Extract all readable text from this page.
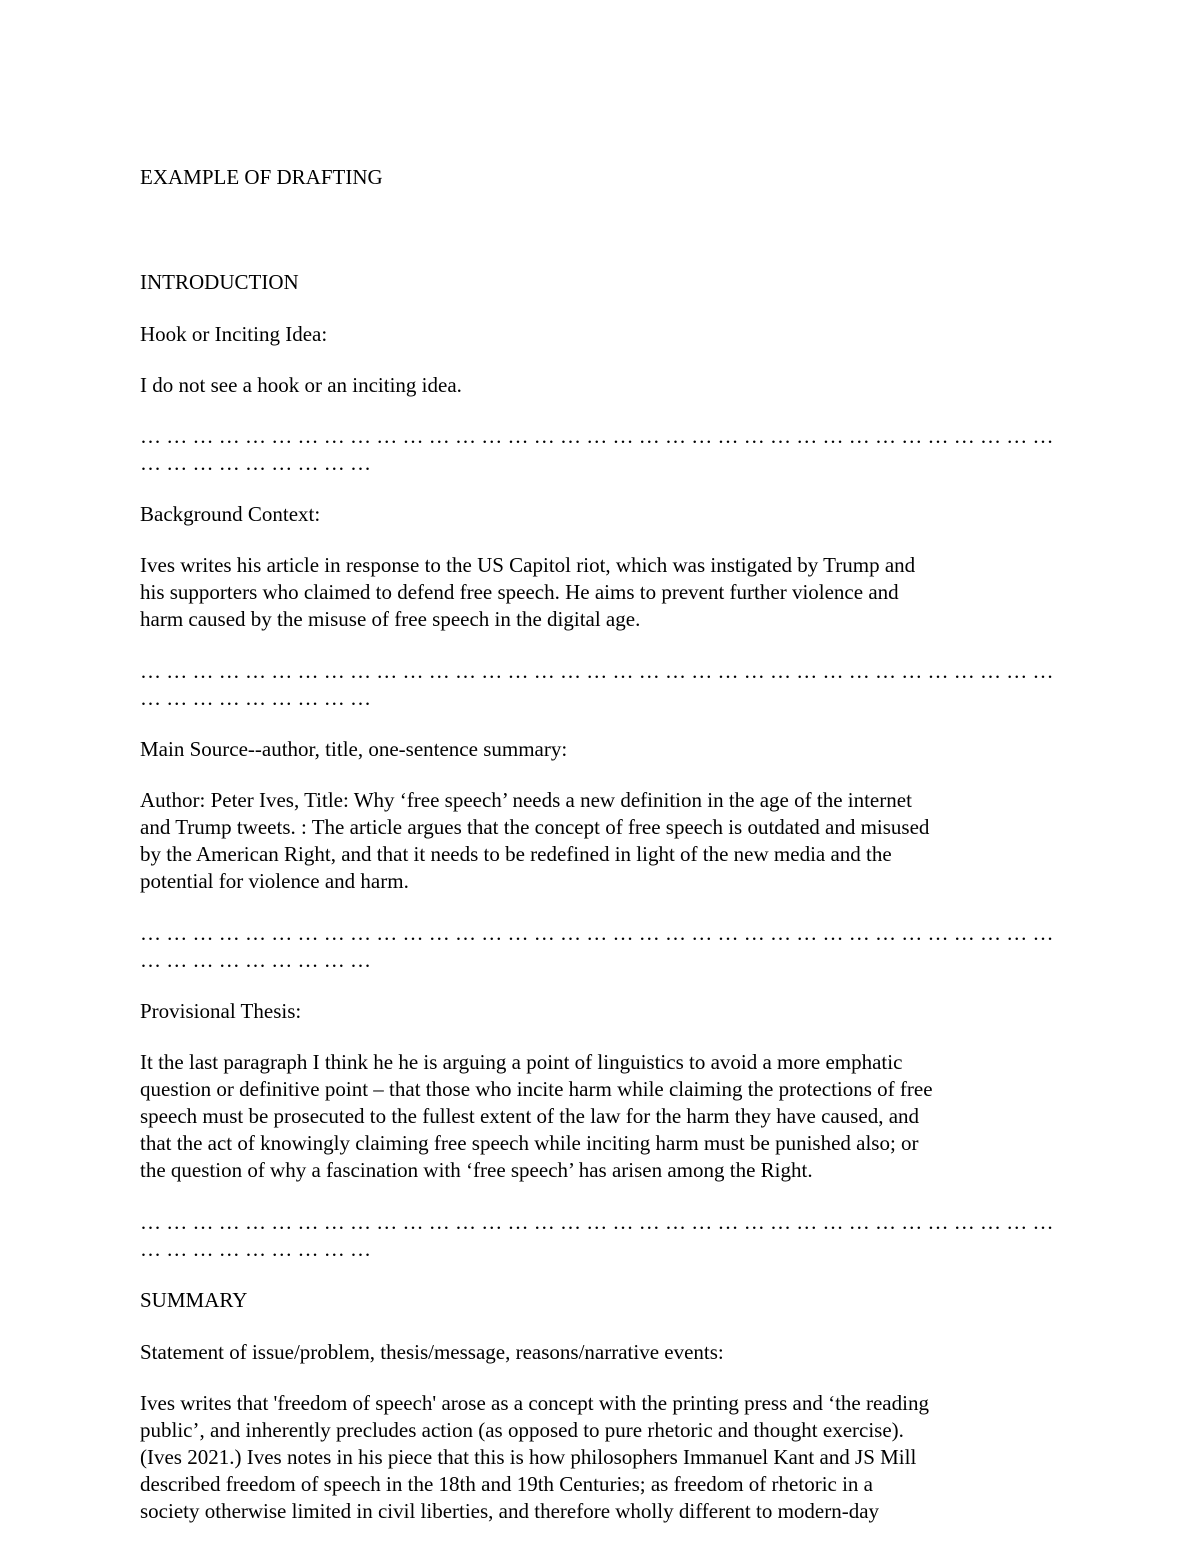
EXAMPLE OF DRAFTING

INTRODUCTION

Hook or Inciting Idea:

I do not see a hook or an inciting idea.

… … … … … … … … … … … … … … … … … … … … … … … … … … … … … … … … … … … … … … … … … … … …

Background Context:

Ives writes his article in response to the US Capitol riot, which was instigated by Trump and
his supporters who claimed to defend free speech. He aims to prevent further violence and
harm caused by the misuse of free speech in the digital age.

… … … … … … … … … … … … … … … … … … … … … … … … … … … … … … … … … … … … … … … … … … … …

Main Source--author, title, one-sentence summary:

Author: Peter Ives, Title: Why ‘free speech’ needs a new definition in the age of the internet
and Trump tweets. : The article argues that the concept of free speech is outdated and misused
by the American Right, and that it needs to be redefined in light of the new media and the
potential for violence and harm.

… … … … … … … … … … … … … … … … … … … … … … … … … … … … … … … … … … … … … … … … … … … …

Provisional Thesis:

It the last paragraph I think he he is arguing a point of linguistics to avoid a more emphatic
question or definitive point – that those who incite harm while claiming the protections of free
speech must be prosecuted to the fullest extent of the law for the harm they have caused, and
that the act of knowingly claiming free speech while inciting harm must be punished also; or
the question of why a fascination with ‘free speech’ has arisen among the Right.

… … … … … … … … … … … … … … … … … … … … … … … … … … … … … … … … … … … … … … … … … … … …

SUMMARY

Statement of issue/problem, thesis/message, reasons/narrative events:

Ives writes that 'freedom of speech' arose as a concept with the printing press and ‘the reading
public’, and inherently precludes action (as opposed to pure rhetoric and thought exercise).
(Ives 2021.) Ives notes in his piece that this is how philosophers Immanuel Kant and JS Mill
described freedom of speech in the 18th and 19th Centuries; as freedom of rhetoric in a
society otherwise limited in civil liberties, and therefore wholly different to modern-day
